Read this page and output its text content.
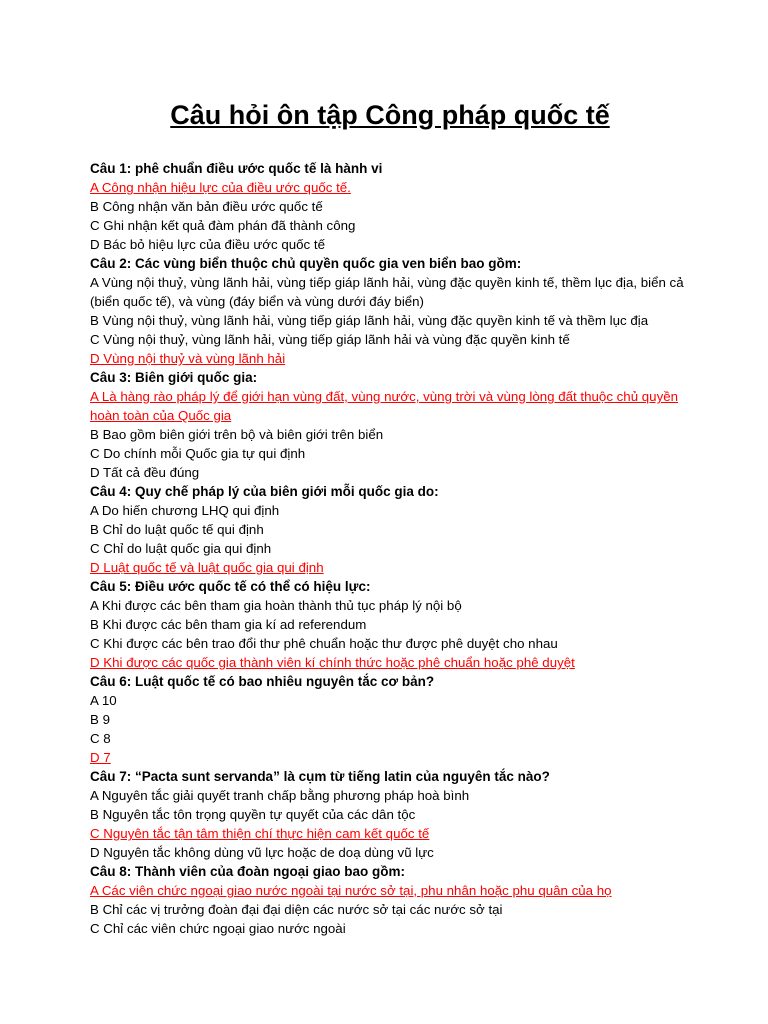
Câu hỏi ôn tập Công pháp quốc tế

Câu 1: phê chuẩn điều ước quốc tế là hành vi

A Công nhận hiệu lực của điều ước quốc tế.

B Công nhận văn bản điều ước quốc tế

C Ghi nhận kết quả đàm phán đã thành công

D Bác bỏ hiệu lực của điều ước quốc tế

Câu 2: Các vùng biển thuộc chủ quyền quốc gia ven biển bao gồm:

A Vùng nội thuỷ, vùng lãnh hải, vùng tiếp giáp lãnh hải, vùng đặc quyền kinh tế, thềm lục địa, biển cả (biển quốc tế), và vùng (đáy biển và vùng dưới đáy biển)

B Vùng nội thuỷ, vùng lãnh hải, vùng tiếp giáp lãnh hải, vùng đặc quyền kinh tế và thềm lục địa

C Vùng nội thuỷ, vùng lãnh hải, vùng tiếp giáp lãnh hải và vùng đặc quyền kinh tế

D Vùng nội thuỷ và vùng lãnh hải

Câu 3: Biên giới quốc gia:

A Là hàng rào pháp lý để giới hạn vùng đất, vùng nước, vùng trời và vùng lòng đất thuộc chủ quyền hoàn toàn của Quốc gia

B Bao gồm biên giới trên bộ và biên giới trên biển

C Do chính mỗi Quốc gia tự qui định

D Tất cả đều đúng

Câu 4: Quy chế pháp lý của biên giới mỗi quốc gia do:

A Do hiến chương LHQ qui định

B Chỉ do luật quốc tế qui định

C Chỉ do luật quốc gia qui định

D Luật quốc tế và luật quốc gia qui định

Câu 5: Điều ước quốc tế có thể có hiệu lực:

A Khi được các bên tham gia hoàn thành thủ tục pháp lý nội bộ

B Khi được các bên tham gia kí ad referendum

C Khi được các bên trao đổi thư phê chuẩn hoặc thư được phê duyệt cho nhau

D Khi được các quốc gia thành viên kí chính thức hoặc phê chuẩn hoặc phê duyệt

Câu 6: Luật quốc tế có bao nhiêu nguyên tắc cơ bản?

A 10

B 9

C 8

D 7

Câu 7: “Pacta sunt servanda” là cụm từ tiếng latin của nguyên tắc nào?

A Nguyên tắc giải quyết tranh chấp bằng phương pháp hoà bình

B Nguyên tắc tôn trọng quyền tự quyết của các dân tộc

C Nguyên tắc tận tâm thiện chí thực hiện cam kết quốc tế

D Nguyên tắc không dùng vũ lực hoặc de doạ dùng vũ lực

Câu 8: Thành viên của đoàn ngoại giao bao gồm:

A Các viên chức ngoại giao nước ngoài tại nước sở tại, phu nhân hoặc phu quân của họ

B Chỉ các vị trưởng đoàn đại đại diện các nước sở tại các nước sở tại

C Chỉ các viên chức ngoại giao nước ngoài
